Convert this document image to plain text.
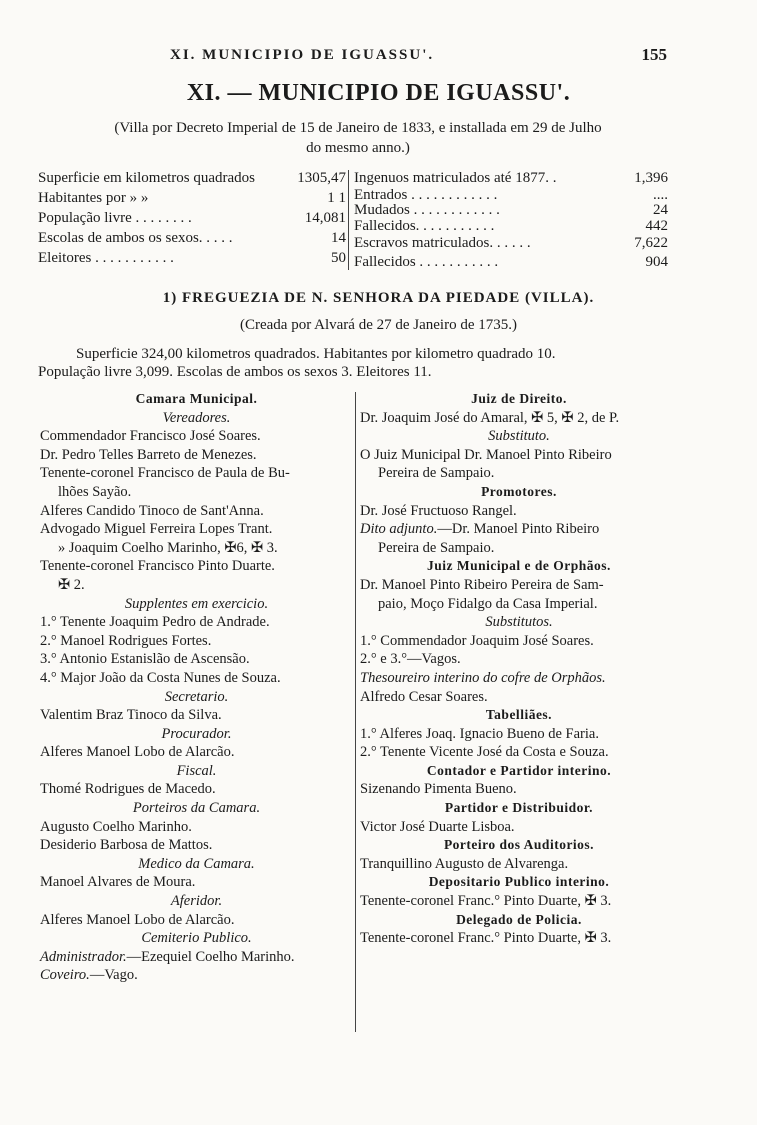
XI. MUNICIPIO DE IGUASSU'.	155
XI. — MUNICIPIO DE IGUASSU'.
(Villa por Decreto Imperial de 15 de Janeiro de 1833, e installada em 29 de Julho
do mesmo anno.)
Superficie em kilometros quadrados	1305,47
Habitantes por » »	1 1
População livre . . . . . . . .	14,081
Escolas de ambos os sexos. . . . .	14
Eleitores . . . . . . . . . . .	50
Ingenuos matriculados até 1877. .	1,396
Entrados . . . . . . . . . . . .	....
Mudados . . . . . . . . . . . .	24
Fallecidos. . . . . . . . . . .	442
Escravos matriculados. . . . . .	7,622
Fallecidos . . . . . . . . . . .	904
1) FREGUEZIA DE N. SENHORA DA PIEDADE (VILLA).
(Creada por Alvará de 27 de Janeiro de 1735.)

Superficie 324,00 kilometros quadrados. Habitantes por kilometro quadrado 10.

População livre 3,099. Escolas de ambos os sexos 3. Eleitores 11.

Camara Municipal.
Vereadores.
Commendador Francisco José Soares.
Dr. Pedro Telles Barreto de Menezes.
Tenente-coronel Francisco de Paula de Bu-
lhões Sayão.
Alferes Candido Tinoco de Sant'Anna.
Advogado Miguel Ferreira Lopes Trant.
» Joaquim Coelho Marinho, ✠6, ✠ 3.
Tenente-coronel Francisco Pinto Duarte.
✠ 2.
Supplentes em exercicio.
1.° Tenente Joaquim Pedro de Andrade.
2.° Manoel Rodrigues Fortes.
3.° Antonio Estanislão de Ascensão.
4.° Major João da Costa Nunes de Souza.
Secretario.
Valentim Braz Tinoco da Silva.
Procurador.
Alferes Manoel Lobo de Alarcão.
Fiscal.
Thomé Rodrigues de Macedo.
Porteiros da Camara.
Augusto Coelho Marinho.
Desiderio Barbosa de Mattos.
Medico da Camara.
Manoel Alvares de Moura.
Aferidor.
Alferes Manoel Lobo de Alarcão.
Cemiterio Publico.
Administrador.—Ezequiel Coelho Marinho.
Coveiro.—Vago.
Juiz de Direito.
Dr. Joaquim José do Amaral, ✠ 5, ✠ 2, de P.
Substituto.
O Juiz Municipal Dr. Manoel Pinto Ribeiro
Pereira de Sampaio.
Promotores.
Dr. José Fructuoso Rangel.
Dito adjunto.—Dr. Manoel Pinto Ribeiro
Pereira de Sampaio.
Juiz Municipal e de Orphãos.
Dr. Manoel Pinto Ribeiro Pereira de Sam-
paio, Moço Fidalgo da Casa Imperial.
Substitutos.
1.° Commendador Joaquim José Soares.
2.° e 3.°—Vagos.
Thesoureiro interino do cofre de Orphãos.
Alfredo Cesar Soares.
Tabelliães.
1.° Alferes Joaq. Ignacio Bueno de Faria.
2.° Tenente Vicente José da Costa e Souza.
Contador e Partidor interino.
Sizenando Pimenta Bueno.
Partidor e Distribuidor.
Victor José Duarte Lisboa.
Porteiro dos Auditorios.
Tranquillino Augusto de Alvarenga.
Depositario Publico interino.
Tenente-coronel Franc.° Pinto Duarte, ✠ 3.
Delegado de Policia.
Tenente-coronel Franc.° Pinto Duarte, ✠ 3.
